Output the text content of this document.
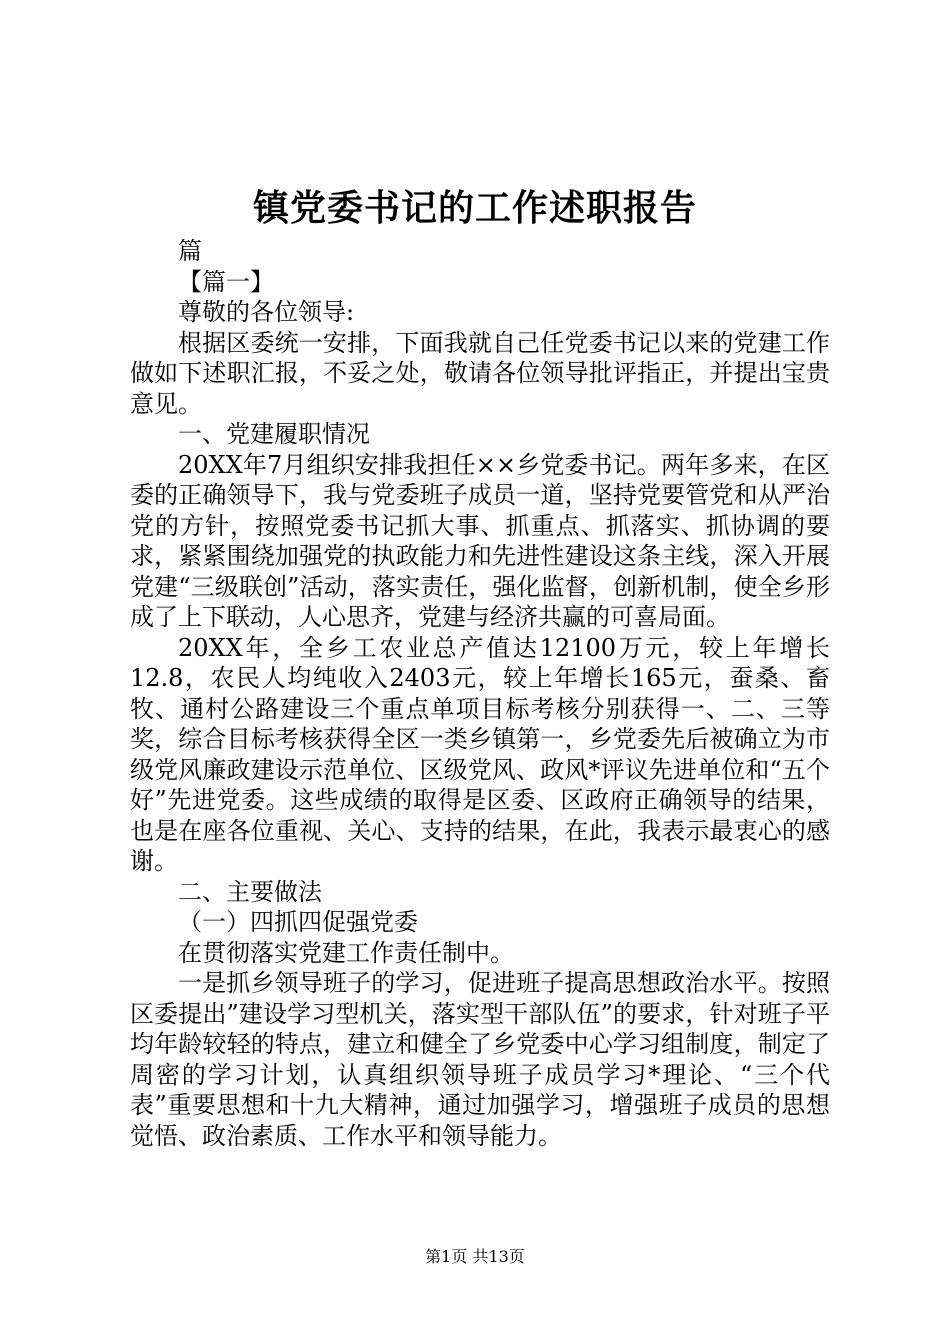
镇党委书记的工作述职报告

篇

【篇一】

尊敬的各位领导:

根据区委统一安排，下面我就自己任党委书记以来的党建工作做如下述职汇报，不妥之处，敬请各位领导批评指正，并提出宝贵意见。

一、党建履职情况

20XX年7月组织安排我担任××乡党委书记。两年多来，在区委的正确领导下，我与党委班子成员一道，坚持党要管党和从严治党的方针，按照党委书记抓大事、抓重点、抓落实、抓协调的要求，紧紧围绕加强党的执政能力和先进性建设这条主线，深入开展党建“三级联创”活动，落实责任，强化监督，创新机制，使全乡形成了上下联动，人心思齐，党建与经济共赢的可喜局面。

20XX年，全乡工农业总产值达12100万元，较上年增长12.8，农民人均纯收入2403元，较上年增长165元，蚕桑、畜牧、通村公路建设三个重点单项目标考核分别获得一、二、三等奖，综合目标考核获得全区一类乡镇第一，乡党委先后被确立为市级党风廉政建设示范单位、区级党风、政风*评议先进单位和“五个好”先进党委。这些成绩的取得是区委、区政府正确领导的结果，也是在座各位重视、关心、支持的结果，在此，我表示最衷心的感谢。

二、主要做法

（一）四抓四促强党委

在贯彻落实党建工作责任制中。

一是抓乡领导班子的学习，促进班子提高思想政治水平。按照区委提出”建设学习型机关，落实型干部队伍”的要求，针对班子平均年龄较轻的特点，建立和健全了乡党委中心学习组制度，制定了周密的学习计划，认真组织领导班子成员学习*理论、“三个代表”重要思想和十九大精神，通过加强学习，增强班子成员的思想觉悟、政治素质、工作水平和领导能力。

第1页 共13页
